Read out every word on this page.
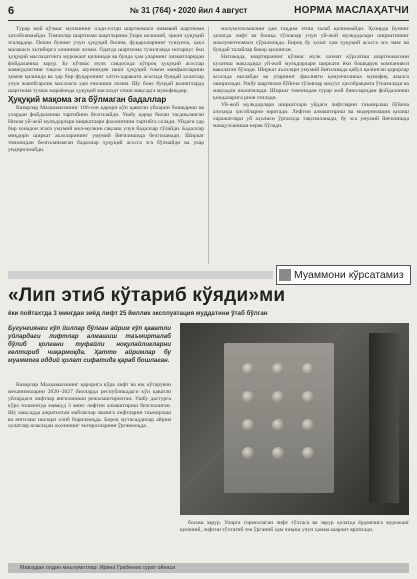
6	№ 31 (764) • 2020 йил 4 август	НОРМА МАСЛАҲАТЧИ

Турар жой кўчмас мулкининг олди-сотди шартномаси оммавий шартнома ҳисобланмайди. Томонлар шартнома шартларини ўзаро келишиб, эркин ҳуқуқий эгалардир. Пекин бунинг учун ҳуқуқий билим, фуқароларнинг тушунча, ҳакл малакаси эътиборга олиниши лозим. Одатда шартнома тузилганда нотариус ёки ҳуқуқий маслаҳатчига мурожаат қилинади ва бунда ҳам уларнинг хизматларидан фойдаланиш зарур. Бу кўчмас мулк савдосида кўпроқ ҳуқуқий асослар мавжудлигини тақозо этади, шунингдек икки ҳуқуқий томон манфаатларини ҳимоя қилишда ва ҳар бир фуқаронинг хатти-ҳаракати асосида бундай ҳолатлар учун жавобгарлик масаласи ҳам ечилиши лозим. Шу боис бундай вазиятларда шартнома тузиш жараёнида ҳуқуқий маслаҳат олиш мақсадга мувофиқдир.

Ҳуқуқий мақома эга бўлмаган бадаллар

Вазирлар Маҳкамасининг 106-сон қарори кўп қаватли уйларни бошқариш ва улардан фойдаланиш тартибини белгилайди. Ушбу қарор билан тасдиқланган Низом уй-жой мулкдорлари ширкатлари фаолиятини тартибга солади. Уйдаги ҳар бир хонадон эгаси умумий мол-мулкни сақлаш учун бадаллар тўлайди. Бадаллар миқдори ширкат аъзоларининг умумий йиғилишида белгиланади. Ширкат томонидан белгиланмаган бадаллар ҳуқуқий асосга эга бўлмайди ва улар ундирилмайди.

малумотномасини ҳам тақдим этиш талаб қилинмайди. Ҳозирда Бунинг ҳолатда лифт ва бошқа тўловлар учун уй-жой мулкдорлари ширкатининг маълумотномаси сўралмоқда. Бироқ бу ҳолат ҳам ҳуқуқий асосга эга эмас ва бундай талаблар бекор қилинган.

Натижада, квартиранинг кўчмас мулк хизмат кўрсатиш шартномасини кузатиш мақсадида уй-жой мулкдорлари ширкати ёки бошқарув компанияси ваколатли бўлади. Ширкат аъзолари умумий йиғилишда қабул қилинган қарорлар асосида ишлайди ва уларнинг фаолияти қонунчиликка мувофиқ амалга оширилади. Ушбу шартнома бўйича тўловлар маҳсус ҳисобрақамга ўтказилади ва мақсадли ишлатилади. Ширкат томонидан турар жой биноларидан фойдаланиш қоидаларига риоя этилади.

Уй-жой мулкдорлари ширкатлари уйдаги лифтларни таъмирлаш бўйича алоҳида ҳисобларни юритади. Лифтни алмаштириш ва модернизация қилиш харажатлари уй аҳолиси ўртасида тақсимланади, бу эса умумий йиғилишда маъқулланиши керак бўлади.

Муаммони кўрсатамиз
«Лип этиб кўтариб кўяди»ми
ёки пойтахтда 3 мингдан зиёд лифт 25 йиллик эксплуатация муддатини ўтаб бўлган
Бугунгиянги кўп йиллар бўлган айрим кўп қаватли уйлардаги лифтлар алмашиш таъмирталаб бўлиб қолгани туфайли ноқулайликларни келтириб чиқармоқда. Ҳатто айримлар бу муаммога оддий ҳолат сифатида қараб бошлаган.

Вазирлар Маҳкамасининг қарорига кўра лифт ва юк кўтарувчи механизмларни 2020–2027 йилларда республикадаги кўп қаватли уйлардаги лифтлар янгиланиши режалаштирилган. Ушбу дастурга кўра тошкентда мавжуд 3 минг лифтни алмаштириш белгиланган. Шу мақсадда ажратилган маблағлар эвазига лифтларни таъмирлаш ва янгилаш ишлари олиб борилмоқда. Бироқ мутасаддилар айрим ҳолатлар юзасидан аҳолининг эътирозларини ўрганмоқда.

босиш зарур. Уларга тормозлаган лифт тўхтаса ва зарур ҳолатда ёрдамчига мурожаат қилиниб, лифтни тўхтатиб тек ўрганиб ҳам чиқиш учун ҳамма шароит яратилди.

Мавзудан олдин маълумотлар: Ирина Грабенюк сурат ойнаси
